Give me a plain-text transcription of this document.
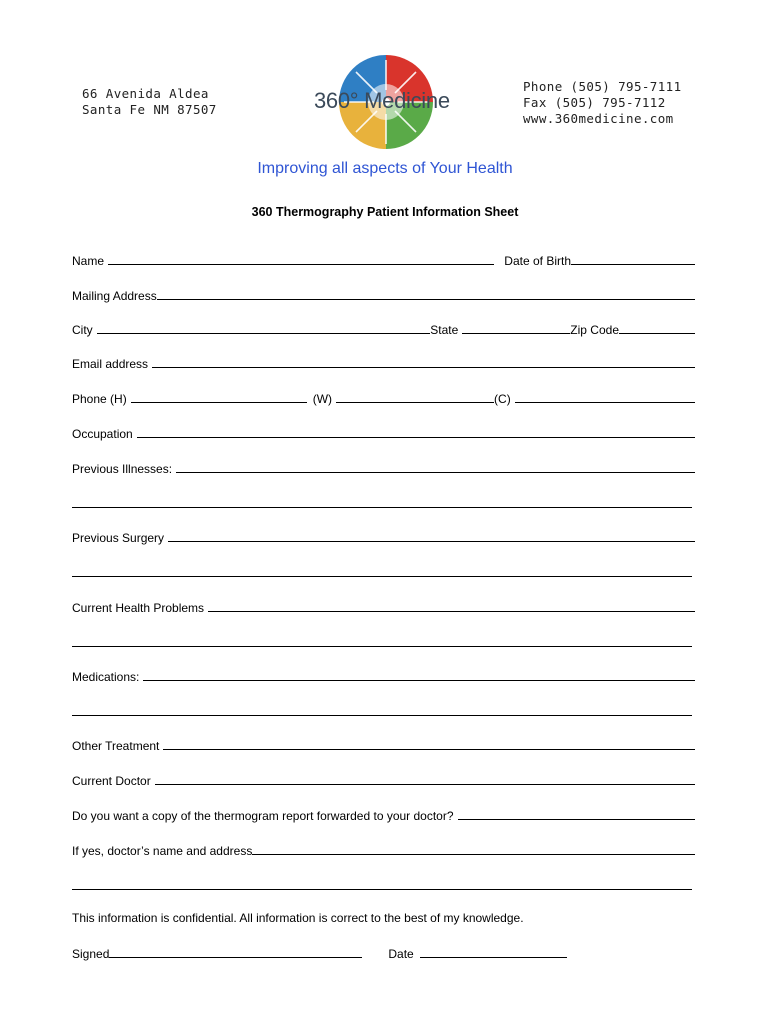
66 Avenida Aldea
Santa Fe NM 87507	360° Medicine
Phone (505) 795-7111
Fax (505) 795-7112
www.360medicine.com
Improving all aspects of Your Health
360 Thermography Patient Information Sheet
Name	Date of Birth
Mailing Address
City	State	Zip Code
Email address
Phone (H)	(W)	(C)
Occupation
Previous Illnesses:
Previous Surgery
Current Health Problems
Medications:
Other Treatment
Current Doctor
Do you want a copy of the thermogram report forwarded to your doctor?
If yes, doctor’s name and address
This information is confidential. All information is correct to the best of my knowledge.
Signed	Date
